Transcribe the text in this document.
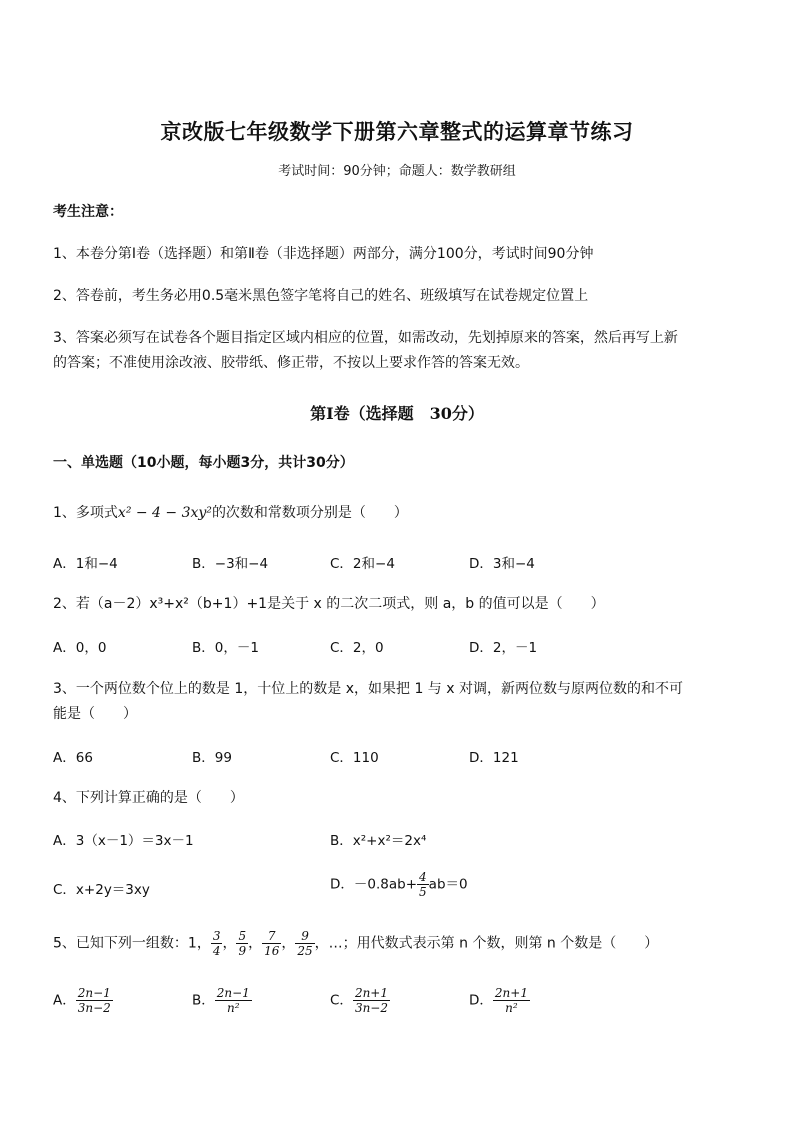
京改版七年级数学下册第六章整式的运算章节练习
考试时间：90分钟；命题人：数学教研组
考生注意：
1、本卷分第Ⅰ卷（选择题）和第Ⅱ卷（非选择题）两部分，满分100分，考试时间90分钟
2、答卷前，考生务必用0.5毫米黑色签字笔将自己的姓名、班级填写在试卷规定位置上
3、答案必须写在试卷各个题目指定区域内相应的位置，如需改动，先划掉原来的答案，然后再写上新
的答案；不准使用涂改液、胶带纸、修正带，不按以上要求作答的答案无效。
第Ⅰ卷（选择题　30分）
一、单选题（10小题，每小题3分，共计30分）
1、多项式x² − 4 − 3xy²的次数和常数项分别是（　　）
A．1和−4	B．−3和−4	C．2和−4	D．3和−4
2、若（a－2）x³+x²（b+1）+1是关于 x 的二次二项式，则 a，b 的值可以是（　　）
A．0，0	B．0，－1	C．2，0	D．2，－1
3、一个两位数个位上的数是 1，十位上的数是 x，如果把 1 与 x 对调，新两位数与原两位数的和不可
能是（　　）
A．66	B．99	C．110	D．121
4、下列计算正确的是（　　）
A．3（x－1）＝3x－1	B．x²+x²＝2x⁴
C．x+2y＝3xy	D．$-0.8ab+ \frac{4}{5} ab=0$
5、已知下列一组数：1， $\frac{3}{4}$ ， $\frac{5}{9}$ ， $\frac{7}{16}$ ， $\frac{9}{25}$ ，…；用代数式表示第 n 个数，则第 n 个数是（　　）
A． $\frac{2n-1}{3n-2}$	B． $\frac{2n-1}{\text{n²}}$	C． $\frac{2n+1}{3n-2}$	D． $\frac{2n+1}{\text{n²}}$
